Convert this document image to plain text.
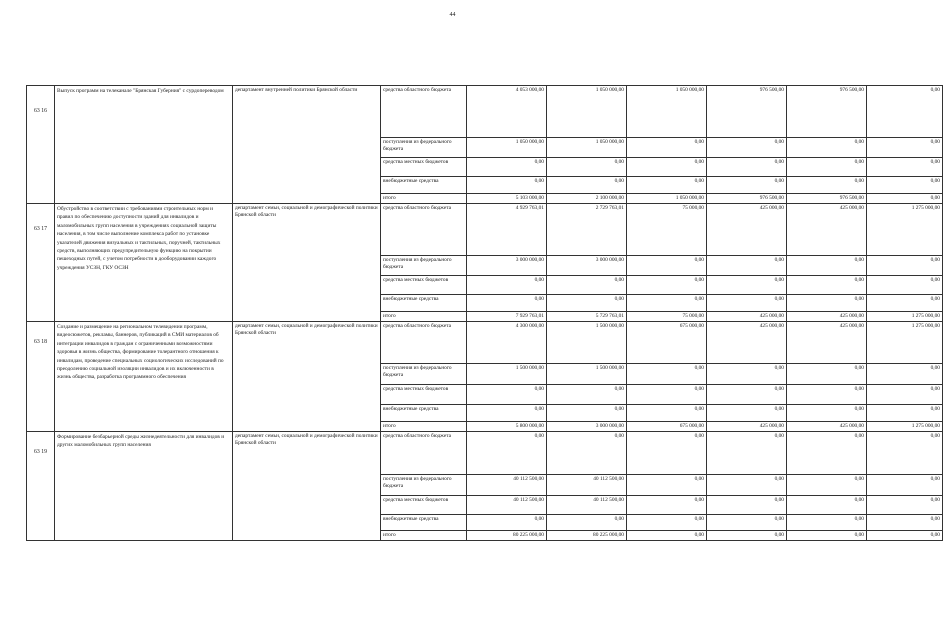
44
63 16	Выпуск программ на телеканале "Брянская Губерния" с сурдопереводом	департамент внутренней политики Брянской области	средства областного бюджета	4 053 000,00	1 050 000,00	1 050 000,00	976 500,00	976 500,00	0,00
			поступления из федерального бюджета	1 050 000,00	1 050 000,00	0,00	0,00	0,00	0,00
			средства местных бюджетов	0,00	0,00	0,00	0,00	0,00	0,00
			внебюджетные средства	0,00	0,00	0,00	0,00	0,00	0,00
			итого	5 103 000,00	2 100 000,00	1 050 000,00	976 500,00	976 500,00	0,00
63 17	Обустройство в соответствии с требованиями строительных норм и правил по обеспечению доступности зданий для инвалидов и маломобильных групп населения в учреждениях социальной защиты населения, в том числе выполнение комплекса работ по установке указателей движения визуальных и тактильных, поручней, тактильных средств, выполняющих предупредительную функцию на покрытии пешеходных путей, с учетом потребности в дооборудовании каждого учреждения УСЗН, ГКУ ОСЗН	департамент семьи, социальной и демографической политики Брянской области	средства областного бюджета	4 929 763,01	2 729 763,01	75 000,00	425 000,00	425 000,00	1 275 000,00
			поступления из федерального бюджета	3 000 000,00	3 000 000,00	0,00	0,00	0,00	0,00
			средства местных бюджетов	0,00	0,00	0,00	0,00	0,00	0,00
			внебюджетные средства	0,00	0,00	0,00	0,00	0,00	0,00
			итого	7 929 763,01	5 729 763,01	75 000,00	425 000,00	425 000,00	1 275 000,00
63 18	Создание и размещение на региональном телевидении программ, видеосюжетов, рекламы, баннеров, публикаций в СМИ материалов об интеграции инвалидов в граждан с ограниченными возможностями здоровья в жизнь общества, формирование толерантного отношения к инвалидам, проведение специальных социологических исследований по преодолению социальной изоляции инвалидов и их включенности в жизнь общества, разработка программного обеспечения	департамент семьи, социальной и демографической политики Брянской области	средства областного бюджета	4 300 000,00	1 500 000,00	675 000,00	425 000,00	425 000,00	1 275 000,00
			поступления из федерального бюджета	1 500 000,00	1 500 000,00	0,00	0,00	0,00	0,00
			средства местных бюджетов	0,00	0,00	0,00	0,00	0,00	0,00
			внебюджетные средства	0,00	0,00	0,00	0,00	0,00	0,00
			итого	5 800 000,00	3 000 000,00	675 000,00	425 000,00	425 000,00	1 275 000,00
63 19	Формирование безбарьерной среды жизнедеятельности для инвалидов и других маломобильных групп населения	департамент семьи, социальной и демографической политики Брянской области	средства областного бюджета	0,00	0,00	0,00	0,00	0,00	0,00
			поступления из федерального бюджета	40 112 500,00	40 112 500,00	0,00	0,00	0,00	0,00
			средства местных бюджетов	40 112 500,00	40 112 500,00	0,00	0,00	0,00	0,00
			внебюджетные средства	0,00	0,00	0,00	0,00	0,00	0,00
			итого	80 225 000,00	80 225 000,00	0,00	0,00	0,00	0,00
